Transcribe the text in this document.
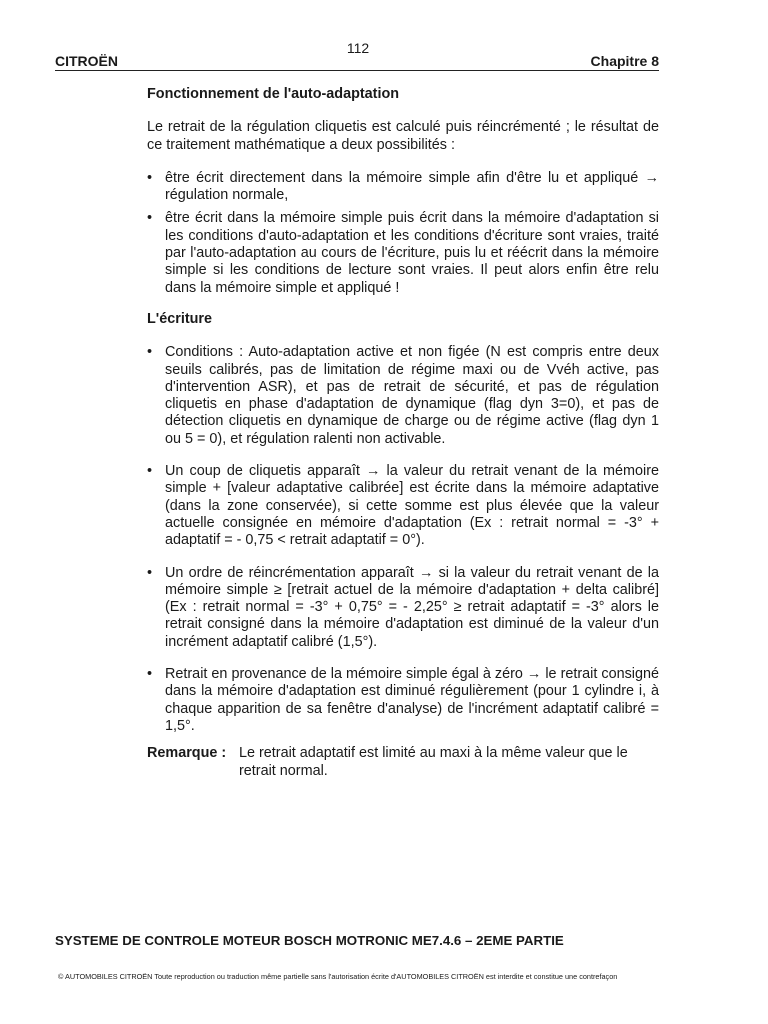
112
CITROËN	Chapitre 8
Fonctionnement de l'auto-adaptation

Le retrait de la régulation cliquetis est calculé puis réincrémenté ; le résultat de ce traitement mathématique a deux possibilités :

• être écrit directement dans la mémoire simple afin d'être lu et appliqué → régulation normale,
• être écrit dans la mémoire simple puis écrit dans la mémoire d'adaptation si les conditions d'auto-adaptation et les conditions d'écriture sont vraies, traité par l'auto-adaptation au cours de l'écriture, puis lu et réécrit dans la mémoire simple si les conditions de lecture sont vraies. Il peut alors enfin être relu dans la mémoire simple et appliqué !
L'écriture
• Conditions : Auto-adaptation active et non figée (N est compris entre deux seuils calibrés, pas de limitation de régime maxi ou de Vvéh active, pas d'intervention ASR), et pas de retrait de sécurité, et pas de régulation cliquetis en phase d'adaptation de dynamique (flag dyn 3=0), et pas de détection cliquetis en dynamique de charge ou de régime active (flag dyn 1 ou 5 = 0), et régulation ralenti non activable.
• Un coup de cliquetis apparaît → la valeur du retrait venant de la mémoire simple + [valeur adaptative calibrée] est écrite dans la mémoire adaptative (dans la zone conservée), si cette somme est plus élevée que la valeur actuelle consignée en mémoire d'adaptation (Ex : retrait normal = -3° + adaptatif = - 0,75 < retrait adaptatif = 0°).
• Un ordre de réincrémentation apparaît → si la valeur du retrait venant de la mémoire simple ≥ [retrait actuel de la mémoire d'adaptation + delta calibré] (Ex : retrait normal = -3° + 0,75° = - 2,25° ≥ retrait adaptatif = -3° alors le retrait consigné dans la mémoire d'adaptation est diminué de la valeur d'un incrément adaptatif calibré (1,5°).
• Retrait en provenance de la mémoire simple égal à zéro → le retrait consigné dans la mémoire d'adaptation est diminué régulièrement (pour 1 cylindre i, à chaque apparition de sa fenêtre d'analyse) de l'incrément adaptatif calibré = 1,5°.
Remarque : Le retrait adaptatif est limité au maxi à la même valeur que le retrait normal.
SYSTEME DE CONTROLE MOTEUR BOSCH MOTRONIC ME7.4.6 – 2EME PARTIE
© AUTOMOBILES CITROËN Toute reproduction ou traduction même partielle sans l'autorisation écrite d'AUTOMOBILES CITROËN est interdite et constitue une contrefaçon
